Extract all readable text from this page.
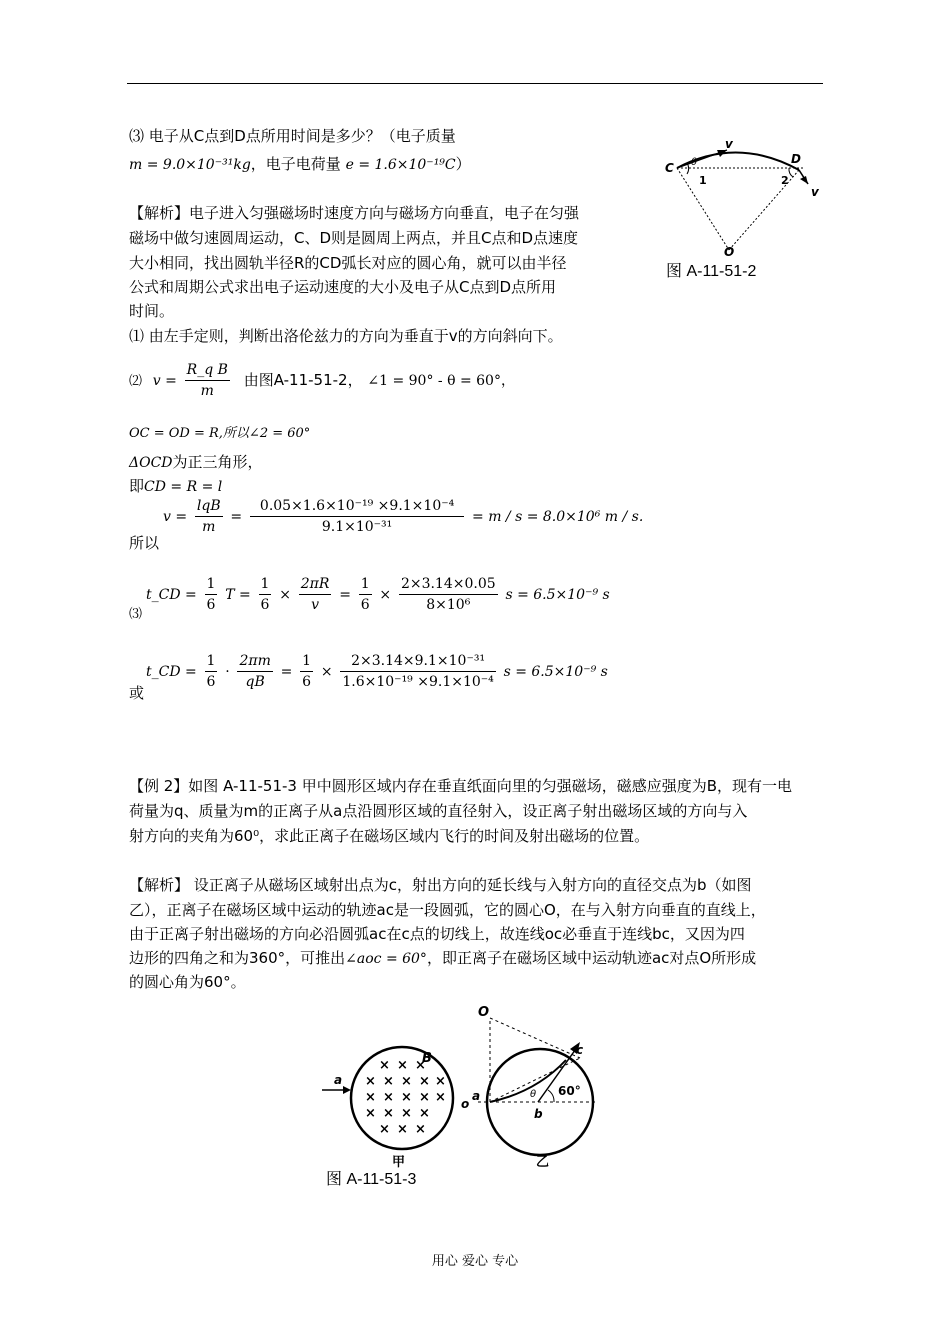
⑶ 电子从C点到D点所用时间是多少？（电子质量
m = 9.0×10⁻³¹kg，电子电荷量 e = 1.6×10⁻¹⁹C）
【解析】电子进入匀强磁场时速度方向与磁场方向垂直，电子在匀强
磁场中做匀速圆周运动，C、D则是圆周上两点，并且C点和D点速度
大小相同，找出圆轨半径R的CD弧长对应的圆心角，就可以由半径
公式和周期公式求出电子运动速度的大小及电子从C点到D点所用
时间。
⑴ 由左手定则，判断出洛伦兹力的方向为垂直于v的方向斜向下。
⑵ $v = \frac{\text{R\_q B}}{m}$ 由图A-11-51-2， ∠1 = 90° - θ = 60°，
OC = OD = R,所以∠2 = 60°
ΔOCD为正三角形，
即CD = R = l
$v = \frac{\text{lqB}}{m} = \frac{\text{0.05×1.6×10⁻¹⁹ ×9.1×10⁻⁴}}{\text{9.1×10⁻³¹}} = m / s = 8.0\times 10^6$ m / s.
所以
⑶
t_CD = $\frac{1}{6}$ $T = \frac{1}{6} \times \frac{2\pi R}{v} = \frac{1}{6} \times \frac{2\times 3.14\times 0.05}{\text{8×10⁶}}$ s = 6.5×10⁻⁹ s
t_CD = $\frac{1}{6} \cdot \frac{2\pi m}{qB} = \frac{1}{6} \times \frac{\text{2×3.14×9.1×10⁻³¹}}{\text{1.6×10⁻¹⁹ ×9.1×10⁻⁴}}$ s = 6.5×10⁻⁹ s
或
C
D
O
v
v
θ
1	2
图 A-11-51-2
【例 2】如图 A-11-51-3 甲中圆形区域内存在垂直纸面向里的匀强磁场，磁感应强度为B，现有一电
荷量为q、质量为m的正离子从a点沿圆形区域的直径射入，设正离子射出磁场区域的方向与入
射方向的夹角为60⁰，求此正离子在磁场区域内飞行的时间及射出磁场的位置。
【解析】 设正离子从磁场区域射出点为c，射出方向的延长线与入射方向的直径交点为b（如图
乙），正离子在磁场区域中运动的轨迹ac是一段圆弧，它的圆心O，在与入射方向垂直的直线上，
由于正离子射出磁场的方向必沿圆弧ac在c点的切线上，故连线oc必垂直于连线bc，又因为四
边形的四角之和为360°，可推出∠aoc = 60°，即正离子在磁场区域中运动轨迹ac对点O所形成
的圆心角为60°。
a
B
× × ×
× × × × ×
× × × × ×
× × × ×
× × ×
甲
O
o
a
b
c
θ 60°
乙
图 A-11-51-3
用心 爱心 专心
